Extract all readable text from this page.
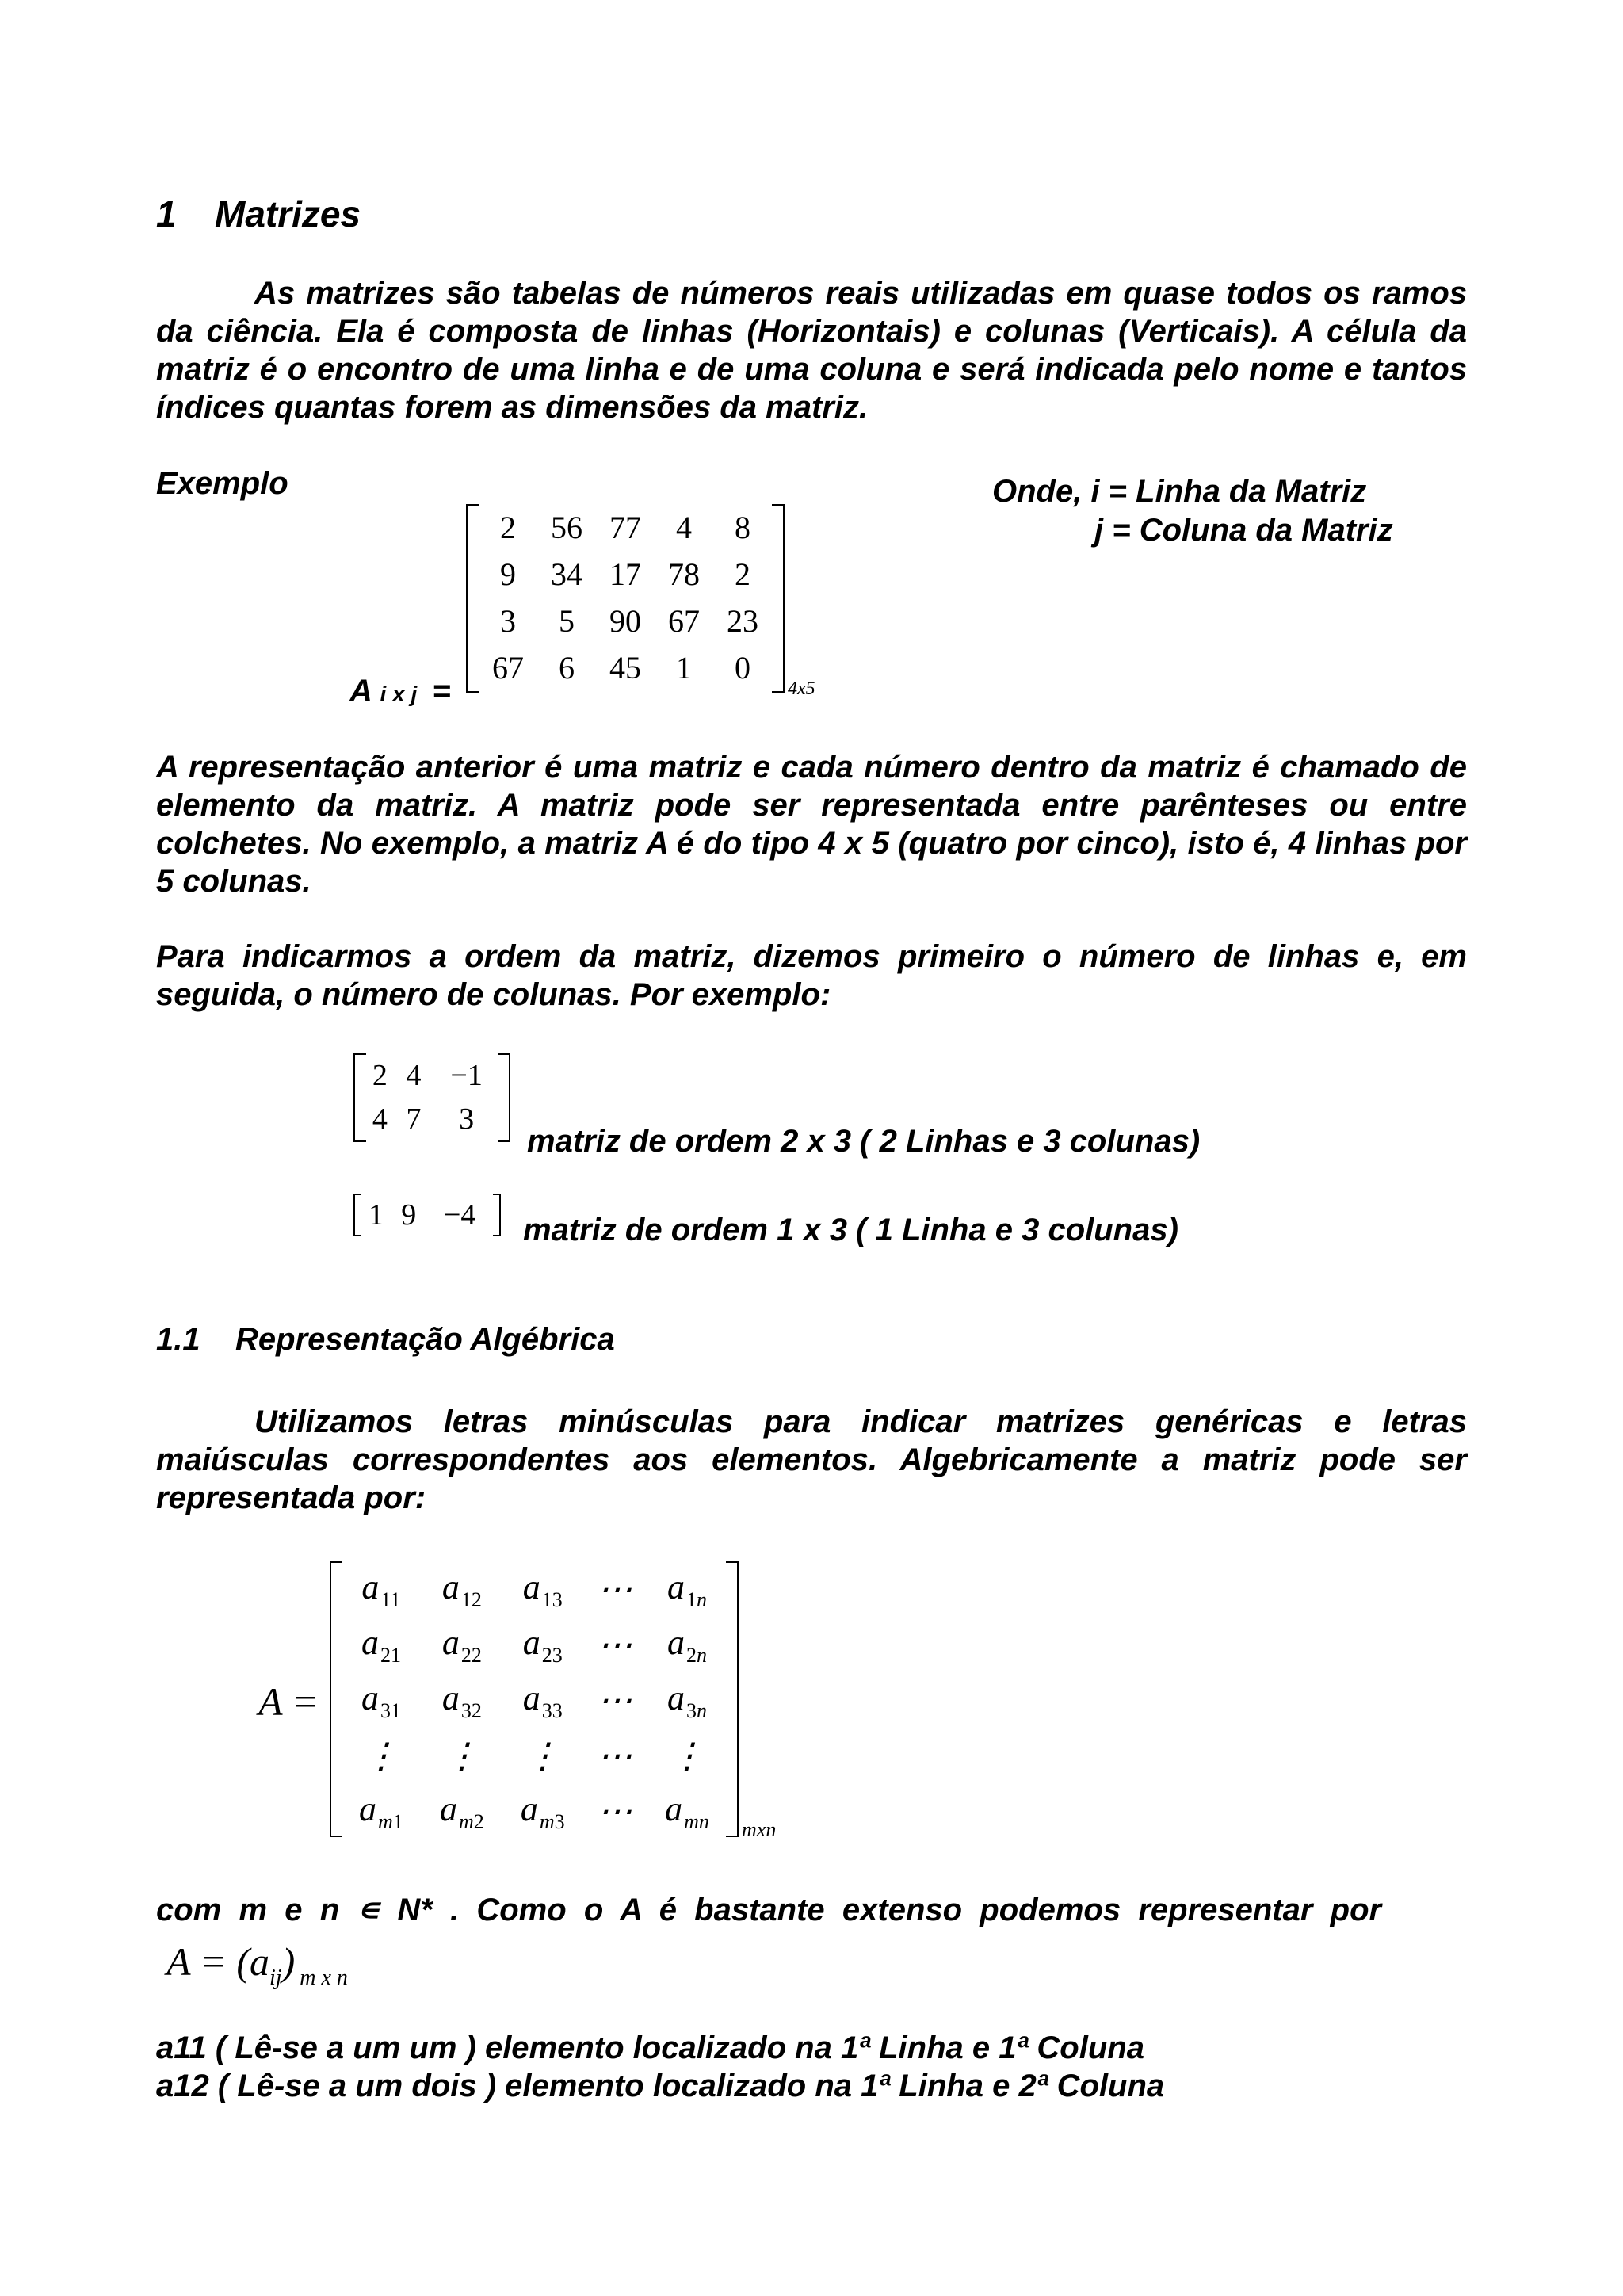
1 Matrizes

As matrizes são tabelas de números reais utilizadas em quase todos os ramos da ciência. Ela é composta de linhas (Horizontais) e colunas (Verticais). A célula da matriz é o encontro de uma linha e de uma coluna e será indicada pelo nome e tantos índices quantas forem as dimensões da matriz.

Exemplo
A i x j =
2	56	77	4	8
9	34	17	78	2
3	5	90	67	23
67	6	45	1	0
4x5
Onde, i = Linha da Matriz
j = Coluna da Matriz

A representação anterior é uma matriz e cada número dentro da matriz é chamado de elemento da matriz. A matriz pode ser representada entre parênteses ou entre colchetes. No exemplo, a matriz A é do tipo 4 x 5 (quatro por cinco), isto é, 4 linhas por 5 colunas.

Para indicarmos a ordem da matriz, dizemos primeiro o número de linhas e, em seguida, o número de colunas. Por exemplo:

2	4	−1
4	7	3
matriz de ordem 2 x 3 ( 2 Linhas e 3 colunas)
1	9	−4 matriz de ordem 1 x 3 ( 1 Linha e 3 colunas)
1.1 Representação Algébrica

Utilizamos letras minúsculas para indicar matrizes genéricas e letras maiúsculas correspondentes aos elementos. Algebricamente a matriz pode ser representada por:

A =
$a_{11}$	$a_{12}$	$a_{13}$	⋯	$a_{1n}$
$a_{21}$	$a_{22}$	$a_{23}$	⋯	$a_{2n}$
$a_{31}$	$a_{32}$	$a_{33}$	⋯	$a_{3n}$
⋮	⋮	⋮	⋯	⋮
$a_{m1}$	$a_{m2}$	$a_{m3}$	⋯	$a_{mn}$ mxn

com  m  e  n  ∊  N*  .  Como  o  A  é  bastante  extenso  podemos  representar  por

$A = (a_{ij})$ $_{m x n}$
a11 ( Lê-se a um um ) elemento localizado na 1ª Linha e 1ª Coluna
a12 ( Lê-se a um dois ) elemento localizado na 1ª Linha e 2ª Coluna
